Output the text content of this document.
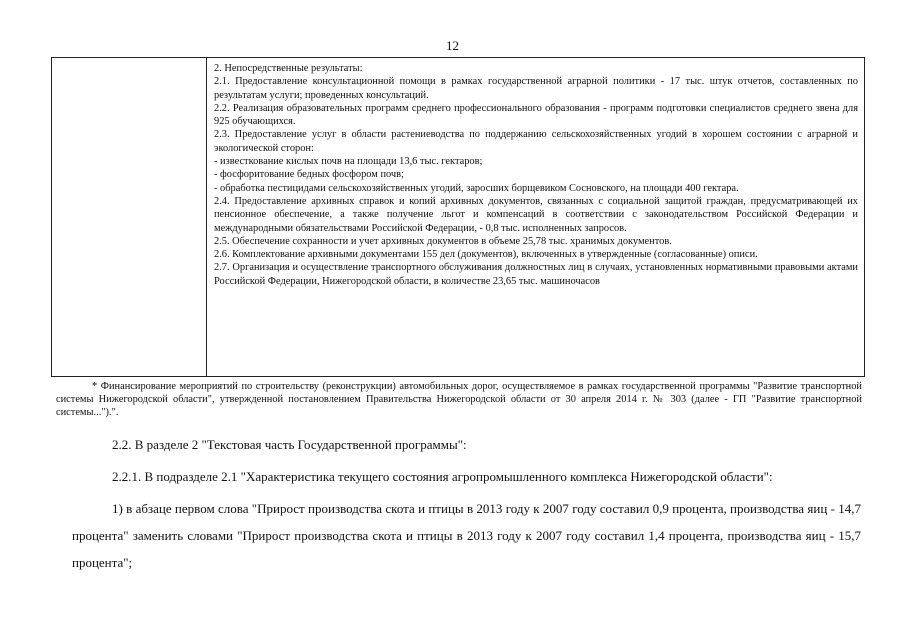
12

2. Непосредственные результаты:

2.1. Предоставление консультационной помощи в рамках государственной аграрной политики - 17 тыс. штук отчетов, составленных по результатам услуги; проведенных консультаций.

2.2. Реализация образовательных программ среднего профессионального образования - программ подготовки специалистов среднего звена для 925 обучающихся.

2.3. Предоставление услуг в области растениеводства по поддержанию сельскохозяйственных угодий в хорошем состоянии с аграрной и экологической сторон:

- известкование кислых почв на площади 13,6 тыс. гектаров;

- фосфоритование бедных фосфором почв;

- обработка пестицидами сельскохозяйственных угодий, заросших борщевиком Сосновского, на площади 400 гектара.

2.4. Предоставление архивных справок и копий архивных документов, связанных с социальной защитой граждан, предусматривающей их пенсионное обеспечение, а также получение льгот и компенсаций в соответствии с законодательством Российской Федерации и международными обязательствами Российской Федерации, - 0,8 тыс. исполненных запросов.

2.5. Обеспечение сохранности и учет архивных документов в объеме 25,78 тыс. хранимых документов.

2.6. Комплектование архивными документами 155 дел (документов), включенных в утвержденные (согласованные) описи.

2.7. Организация и осуществление транспортного обслуживания должностных лиц в случаях, установленных нормативными правовыми актами Российской Федерации, Нижегородской области, в количестве 23,65 тыс. машиночасов

* Финансирование мероприятий по строительству (реконструкции) автомобильных дорог, осуществляемое в рамках государственной программы "Развитие транспортной системы Нижегородской области", утвержденной постановлением Правительства Нижегородской области от 30 апреля 2014 г. № 303 (далее - ГП "Развитие транспортной системы...").".

2.2. В разделе 2 "Текстовая часть Государственной программы":

2.2.1. В подразделе 2.1 "Характеристика текущего состояния агропромышленного комплекса Нижегородской области":

1) в абзаце первом слова "Прирост производства скота и птицы в 2013 году к 2007 году составил 0,9 процента, производства яиц - 14,7 процента" заменить словами "Прирост производства скота и птицы в 2013 году к 2007 году составил 1,4 процента, производства яиц - 15,7 процента";
